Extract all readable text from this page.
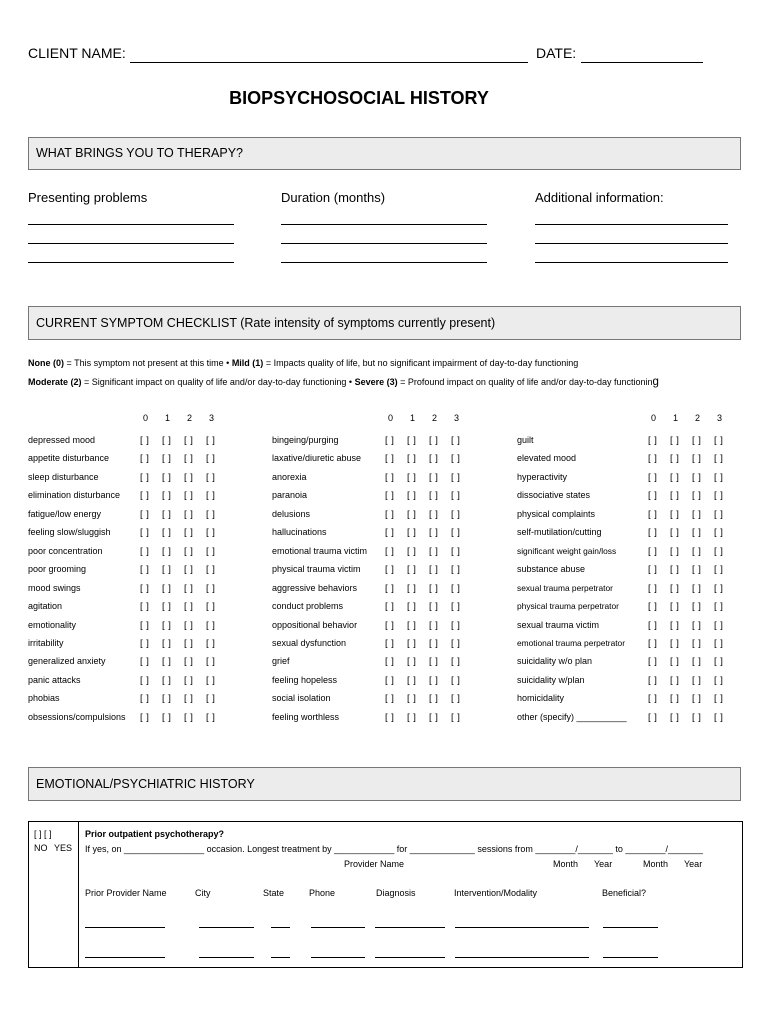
CLIENT NAME:	DATE:
BIOPSYCHOSOCIAL HISTORY
WHAT BRINGS YOU TO THERAPY?
Presenting problems	Duration (months)	Additional information:
CURRENT SYMPTOM CHECKLIST (Rate intensity of symptoms currently present)
None (0) = This symptom not present at this time • Mild (1) = Impacts quality of life, but no significant impairment of day-to-day functioning
Moderate (2) = Significant impact on quality of life and/or day-to-day functioning • Severe (3) = Profound impact on quality of life and/or day-to-day functioning
0 1 2 3
depressed mood	[ ] [ ] [ ] [ ]
appetite disturbance	[ ] [ ] [ ] [ ]
sleep disturbance	[ ] [ ] [ ] [ ]
elimination disturbance [ ] [ ] [ ] [ ]
fatigue/low energy	[ ] [ ] [ ] [ ]
feeling slow/sluggish	[ ] [ ] [ ] [ ]
poor concentration	[ ] [ ] [ ] [ ]
poor grooming	[ ] [ ] [ ] [ ]
mood swings	[ ] [ ] [ ] [ ]
agitation	[ ] [ ] [ ] [ ]
emotionality	[ ] [ ] [ ] [ ]
irritability	[ ] [ ] [ ] [ ]
generalized anxiety	[ ] [ ] [ ] [ ]
panic attacks	[ ] [ ] [ ] [ ]
phobias	[ ] [ ] [ ] [ ]
obsessions/compulsions [ ] [ ] [ ] [ ]
0 1 2 3
bingeing/purging	[ ] [ ] [ ] [ ]
laxative/diuretic abuse	[ ] [ ] [ ] [ ]
anorexia	[ ] [ ] [ ] [ ]
paranoia	[ ] [ ] [ ] [ ]
delusions	[ ] [ ] [ ] [ ]
hallucinations	[ ] [ ] [ ] [ ]
emotional trauma victim [ ] [ ] [ ] [ ]
physical trauma victim	[ ] [ ] [ ] [ ]
aggressive behaviors	[ ] [ ] [ ] [ ]
conduct problems	[ ] [ ] [ ] [ ]
oppositional behavior	[ ] [ ] [ ] [ ]
sexual dysfunction	[ ] [ ] [ ] [ ]
grief	[ ] [ ] [ ] [ ]
feeling hopeless	[ ] [ ] [ ] [ ]
social isolation	[ ] [ ] [ ] [ ]
feeling worthless	[ ] [ ] [ ] [ ]
0 1 2 3
guilt	[ ] [ ] [ ] [ ]
elevated mood	[ ] [ ] [ ] [ ]
hyperactivity	[ ] [ ] [ ] [ ]
dissociative states	[ ] [ ] [ ] [ ]
physical complaints	[ ] [ ] [ ] [ ]
self-mutilation/cutting	[ ] [ ] [ ] [ ]
significant weight gain/loss	[ ] [ ] [ ] [ ]
substance abuse	[ ] [ ] [ ] [ ]
sexual trauma perpetrator	[ ] [ ] [ ] [ ]
physical trauma perpetrator	[ ] [ ] [ ] [ ]
sexual trauma victim	[ ] [ ] [ ] [ ]
emotional trauma perpetrator [ ] [ ] [ ] [ ]
suicidality w/o plan	[ ] [ ] [ ] [ ]
suicidality w/plan	[ ] [ ] [ ] [ ]
homicidality	[ ] [ ] [ ] [ ]
other (specify) __________ [ ] [ ] [ ] [ ]
EMOTIONAL/PSYCHIATRIC HISTORY
[ ] [ ]
NO YES
Prior outpatient psychotherapy?
If yes, on ________________ occasion. Longest treatment by ____________ for _____________ sessions from ________/_______ to ________/_______
Provider Name	Month Year	Month Year
Prior Provider Name	City	State	Phone	Diagnosis	Intervention/Modality	Beneficial?
